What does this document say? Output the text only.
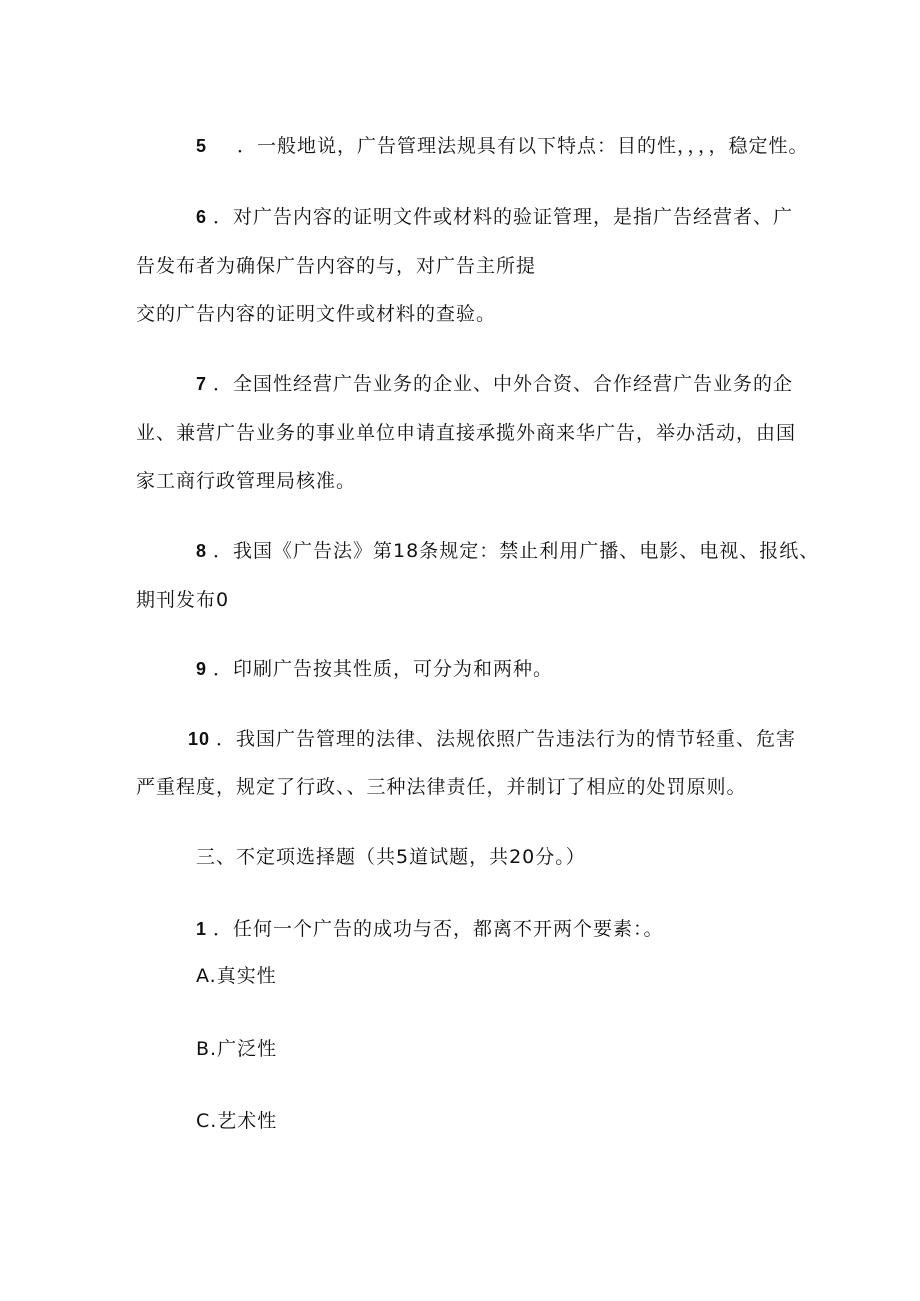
5 ．一般地说，广告管理法规具有以下特点：目的性，，，，稳定性。
6 ．对广告内容的证明文件或材料的验证管理，是指广告经营者、广
告发布者为确保广告内容的与，对广告主所提
交的广告内容的证明文件或材料的查验。
7 ．全国性经营广告业务的企业、中外合资、合作经营广告业务的企
业、兼营广告业务的事业单位申请直接承揽外商来华广告，举办活动，由国
家工商行政管理局核准。
8 ．我国《广告法》第18条规定：禁止利用广播、电影、电视、报纸、
期刊发布0
9 ．印刷广告按其性质，可分为和两种。
10 ．我国广告管理的法律、法规依照广告违法行为的情节轻重、危害
严重程度，规定了行政、、三种法律责任，并制订了相应的处罚原则。
三、不定项选择题（共5道试题，共20分。）
1 ．任何一个广告的成功与否，都离不开两个要素：。
A.真实性
B.广泛性
C.艺术性
